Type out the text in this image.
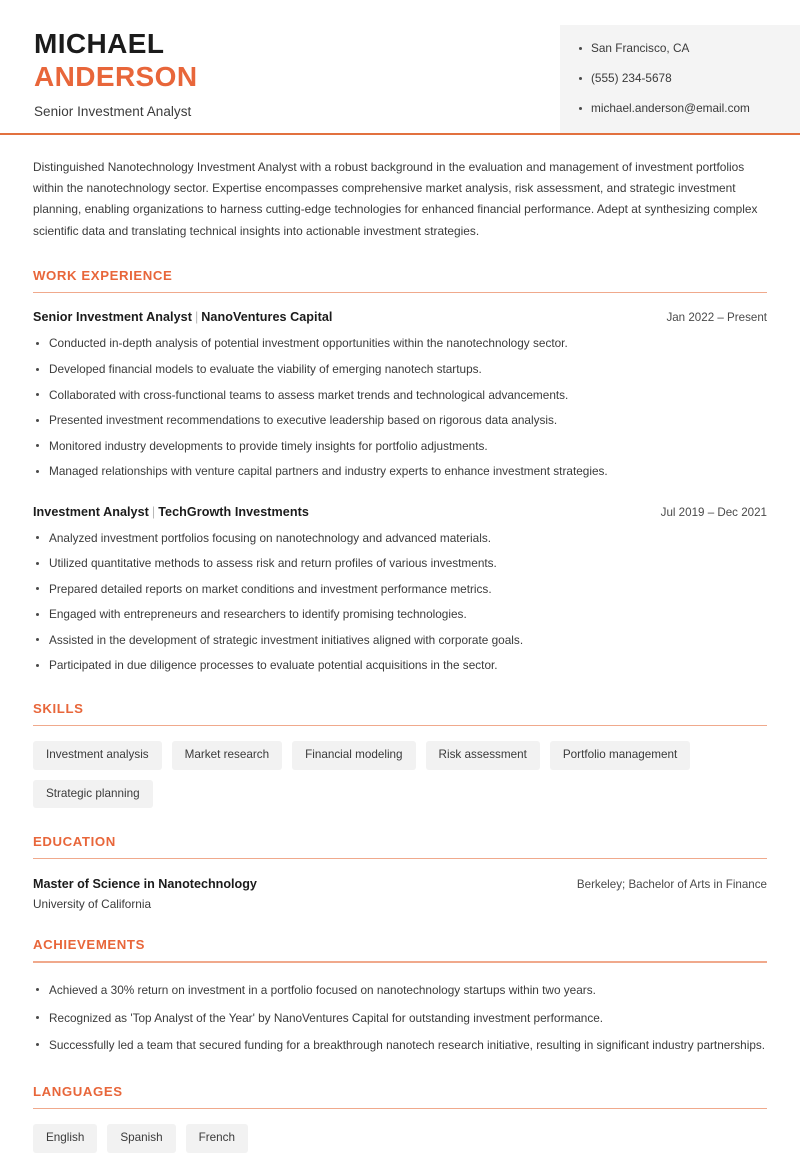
MICHAEL
ANDERSON
Senior Investment Analyst
San Francisco, CA
(555) 234-5678
michael.anderson@email.com

Distinguished Nanotechnology Investment Analyst with a robust background in the evaluation and management of investment portfolios within the nanotechnology sector. Expertise encompasses comprehensive market analysis, risk assessment, and strategic investment planning, enabling organizations to harness cutting-edge technologies for enhanced financial performance. Adept at synthesizing complex scientific data and translating technical insights into actionable investment strategies.

WORK EXPERIENCE
Senior Investment Analyst | NanoVentures Capital	Jan 2022 – Present
Conducted in-depth analysis of potential investment opportunities within the nanotechnology sector.
Developed financial models to evaluate the viability of emerging nanotech startups.
Collaborated with cross-functional teams to assess market trends and technological advancements.
Presented investment recommendations to executive leadership based on rigorous data analysis.
Monitored industry developments to provide timely insights for portfolio adjustments.
Managed relationships with venture capital partners and industry experts to enhance investment strategies.
Investment Analyst | TechGrowth Investments	Jul 2019 – Dec 2021
Analyzed investment portfolios focusing on nanotechnology and advanced materials.
Utilized quantitative methods to assess risk and return profiles of various investments.
Prepared detailed reports on market conditions and investment performance metrics.
Engaged with entrepreneurs and researchers to identify promising technologies.
Assisted in the development of strategic investment initiatives aligned with corporate goals.
Participated in due diligence processes to evaluate potential acquisitions in the sector.
SKILLS
Investment analysis	Market research	Financial modeling	Risk assessment	Portfolio management
Strategic planning
EDUCATION
Master of Science in Nanotechnology	Berkeley; Bachelor of Arts in Finance
University of California
ACHIEVEMENTS
Achieved a 30% return on investment in a portfolio focused on nanotechnology startups within two years.
Recognized as 'Top Analyst of the Year' by NanoVentures Capital for outstanding investment performance.
Successfully led a team that secured funding for a breakthrough nanotech research initiative, resulting in significant industry partnerships.
LANGUAGES
English	Spanish	French
